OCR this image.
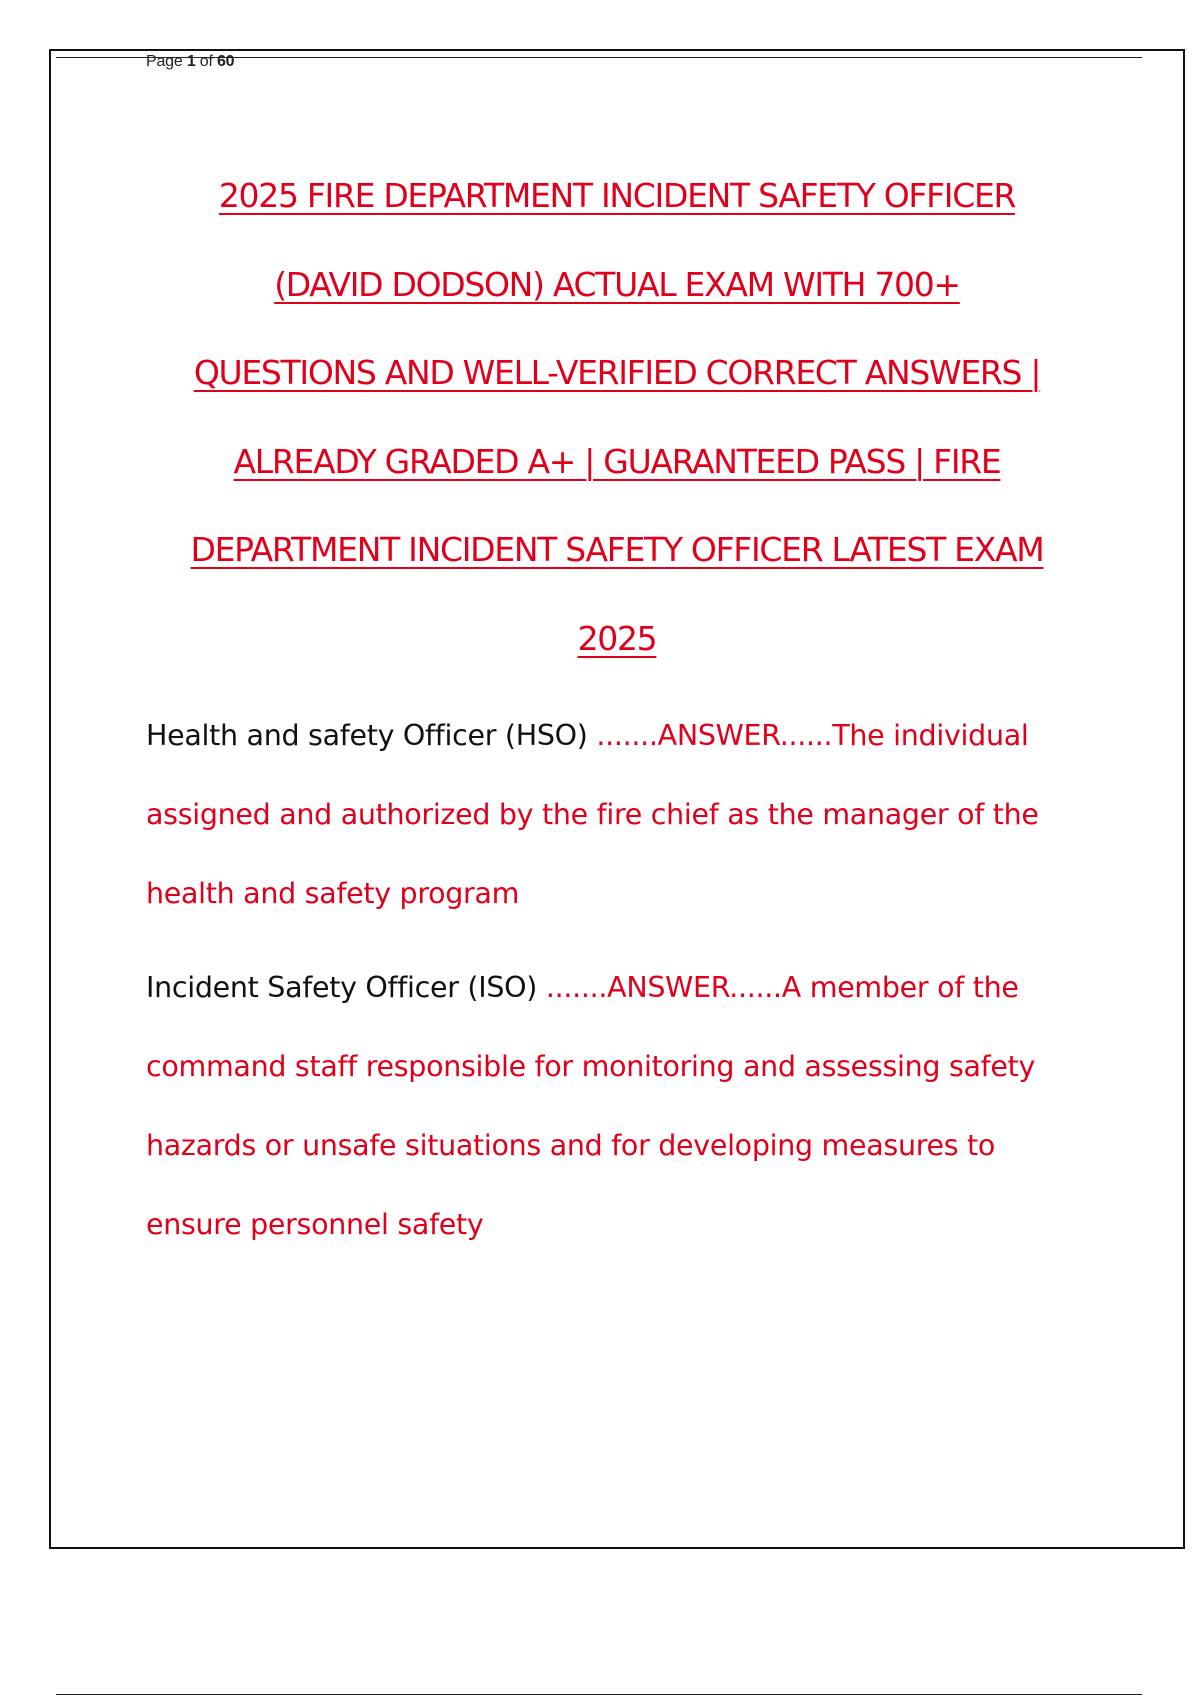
Page 1 of 60
2025 FIRE DEPARTMENT INCIDENT SAFETY OFFICER
(DAVID DODSON) ACTUAL EXAM WITH 700+
QUESTIONS AND WELL-VERIFIED CORRECT ANSWERS |
ALREADY GRADED A+ | GUARANTEED PASS | FIRE
DEPARTMENT INCIDENT SAFETY OFFICER LATEST EXAM
2025

Health and safety Officer (HSO) .......ANSWER......The individual

assigned and authorized by the fire chief as the manager of the

health and safety program

Incident Safety Officer (ISO) .......ANSWER......A member of the

command staff responsible for monitoring and assessing safety

hazards or unsafe situations and for developing measures to

ensure personnel safety
